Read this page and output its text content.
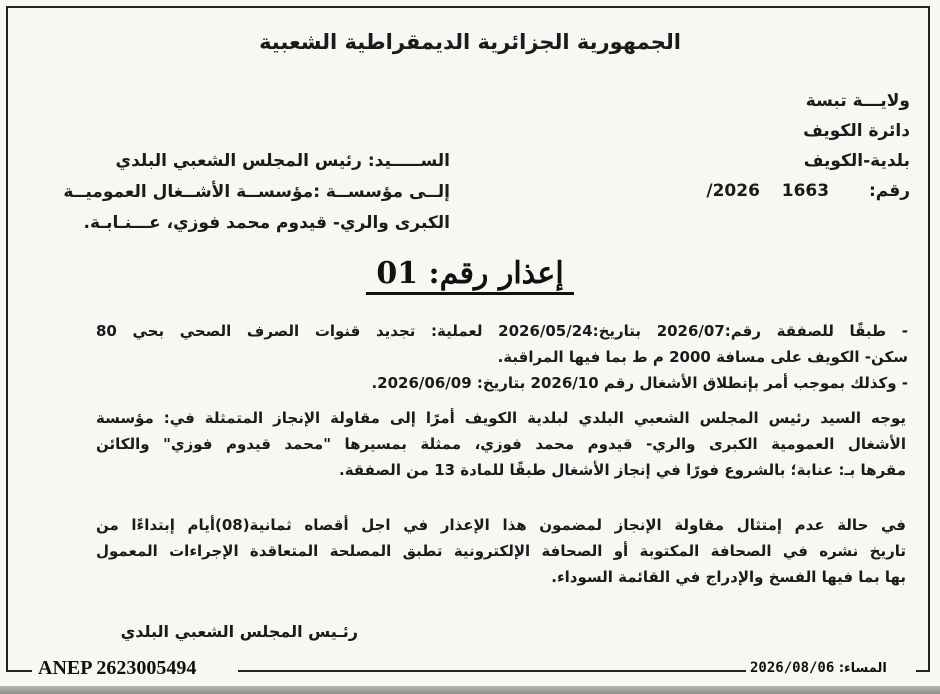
الجمهورية الجزائرية الديمقراطية الشعبية
ولايـــة تبسة
دائرة الكويف
بلدية-الكويف
رقم:  1663  2026/
الســـــيد: رئيس المجلس الشعبي البلدي
إلــى مؤسســة :مؤسســة الأشــغال العموميــة
الكبرى والري- قيدوم محمد فوزي، عـــنـابـة.
إعذار رقم: 01
- طبقًا للصفقة رقم:2026/07 بتاريخ:2026/05/24 لعملية: تجديد قنوات الصرف الصحي بحي 80
سكن- الكويف على مسافة 2000 م ط بما فيها المراقبة.
- وكذلك بموجب أمر بإنطلاق الأشغال رقم 2026/10 بتاريخ: 2026/06/09.
يوجه السيد رئيس المجلس الشعبي البلدي لبلدية الكويف أمرًا إلى مقاولة الإنجاز المتمثلة في: مؤسسة
الأشغال العمومية الكبرى والري- قيدوم محمد فوزي، ممثلة بمسيرها "محمد قيدوم فوزي" والكائن
مقرها بـ: عنابة؛ بالشروع فورًا في إنجاز الأشغال طبقًا للمادة 13 من الصفقة.
في حالة عدم إمتثال مقاولة الإنجاز لمضمون هذا الإعذار في اجل أقصاه ثمانية(08)أيام إبتداءًا من
تاريخ نشره في الصحافة المكتوبة أو الصحافة الإلكترونية تطبق المصلحة المتعاقدة الإجراءات المعمول
بها بما فيها الفسخ والإدراج في القائمة السوداء.
رئـيس المجلس الشعبي البلدي
ANEP 2623005494	المساء: 2026/08/06
